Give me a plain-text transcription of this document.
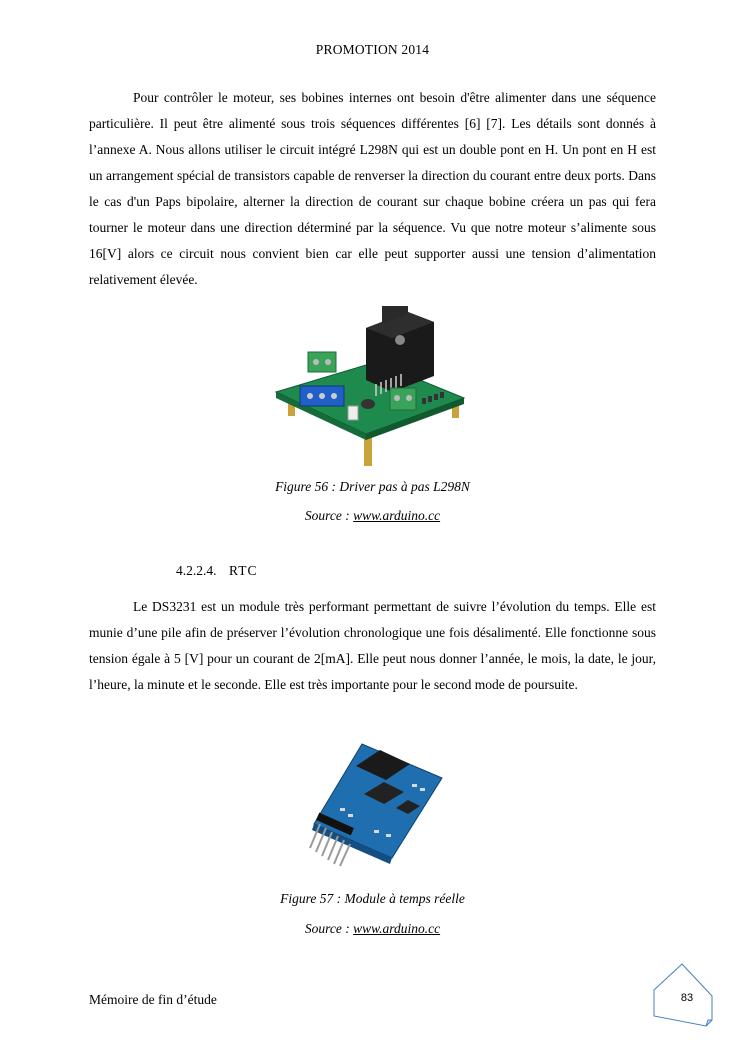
PROMOTION 2014

Pour contrôler le moteur, ses bobines internes ont besoin d'être alimenter dans une séquence particulière. Il peut être alimenté sous trois séquences différentes [6] [7]. Les détails sont donnés à l’annexe A. Nous allons utiliser le circuit intégré L298N qui est un double pont en H. Un pont en H est un arrangement spécial de transistors capable de renverser la direction du courant entre deux ports. Dans le cas d'un Paps bipolaire, alterner la direction de courant sur chaque bobine créera un pas qui fera tourner le moteur dans une direction déterminé par la séquence. Vu que notre moteur s’alimente sous 16[V] alors ce circuit nous convient bien car elle peut supporter aussi une tension d’alimentation relativement élevée.

Figure 56 : Driver pas à pas L298N
Source : www.arduino.cc
4.2.2.4. RTC

Le DS3231 est un module très performant permettant de suivre l’évolution du temps. Elle est munie d’une pile afin de préserver l’évolution chronologique une fois désalimenté. Elle fonctionne sous tension égale à 5 [V] pour un courant de 2[mA]. Elle peut nous donner l’année, le mois, la date, le jour, l’heure, la minute et le seconde. Elle est très importante pour le second mode de poursuite.

Figure 57 : Module à temps réelle
Source : www.arduino.cc
Mémoire de fin d’étude	83
